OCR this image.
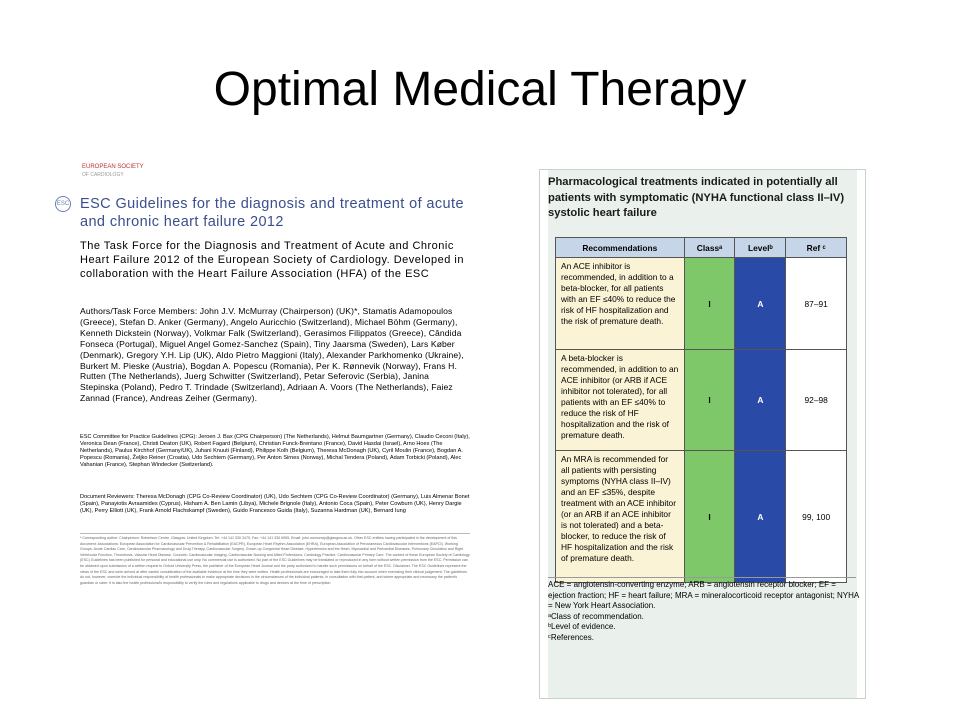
Optimal Medical Therapy
EUROPEAN SOCIETY
OF CARDIOLOGY
ESC ESC Guidelines for the diagnosis and treatment of acute and chronic heart failure 2012
The Task Force for the Diagnosis and Treatment of Acute and Chronic Heart Failure 2012 of the European Society of Cardiology. Developed in collaboration with the Heart Failure Association (HFA) of the ESC
Authors/Task Force Members: John J.V. McMurray (Chairperson) (UK)*, Stamatis Adamopoulos (Greece), Stefan D. Anker (Germany), Angelo Auricchio (Switzerland), Michael Böhm (Germany), Kenneth Dickstein (Norway), Volkmar Falk (Switzerland), Gerasimos Filippatos (Greece), Cândida Fonseca (Portugal), Miguel Angel Gomez-Sanchez (Spain), Tiny Jaarsma (Sweden), Lars Køber (Denmark), Gregory Y.H. Lip (UK), Aldo Pietro Maggioni (Italy), Alexander Parkhomenko (Ukraine), Burkert M. Pieske (Austria), Bogdan A. Popescu (Romania), Per K. Rønnevik (Norway), Frans H. Rutten (The Netherlands), Juerg Schwitter (Switzerland), Petar Seferovic (Serbia), Janina Stepinska (Poland), Pedro T. Trindade (Switzerland), Adriaan A. Voors (The Netherlands), Faiez Zannad (France), Andreas Zeiher (Germany).
ESC Committee for Practice Guidelines (CPG): Jeroen J. Bax (CPG Chairperson) (The Netherlands), Helmut Baumgartner (Germany), Claudio Ceconi (Italy), Veronica Dean (France), Christi Deaton (UK), Robert Fagard (Belgium), Christian Funck-Brentano (France), David Hasdai (Israel), Arno Hoes (The Netherlands), Paulus Kirchhof (Germany/UK), Juhani Knuuti (Finland), Philippe Kolh (Belgium), Theresa McDonagh (UK), Cyril Moulin (France), Bogdan A. Popescu (Romania), Željko Reiner (Croatia), Udo Sechtem (Germany), Per Anton Sirnes (Norway), Michal Tendera (Poland), Adam Torbicki (Poland), Alec Vahanian (France), Stephan Windecker (Switzerland).
Document Reviewers: Theresa McDonagh (CPG Co-Review Coordinator) (UK), Udo Sechtem (CPG Co-Review Coordinator) (Germany), Luis Almenar Bonet (Spain), Panayiotis Avraamides (Cyprus), Hisham A. Ben Lamin (Libya), Michele Brignole (Italy), Antonio Coca (Spain), Peter Cowburn (UK), Henry Dargie (UK), Perry Elliott (UK), Frank Arnold Flachskampf (Sweden), Guido Francesco Guida (Italy), Suzanna Hardman (UK), Bernard Iung
* Corresponding author: Chairperson: Robertson Centre, Glasgow, United Kingdom. Tel: +44 141 330 3479, Fax: +44 141 330 6955, Email: john.mcmurray@glasgow.ac.uk. Other ESC entities having participated in the development of this document: Associations: European Association for Cardiovascular Prevention & Rehabilitation (EACPR), European Heart Rhythm Association (EHRA), European Association of Percutaneous Cardiovascular Interventions (EAPCI). Working Groups: Acute Cardiac Care, Cardiovascular Pharmacology and Drug Therapy, Cardiovascular Surgery, Grown-up Congenital Heart Disease, Hypertension and the Heart, Myocardial and Pericardial Diseases, Pulmonary Circulation and Right Ventricular Function, Thrombosis, Valvular Heart Disease. Councils: Cardiovascular Imaging, Cardiovascular Nursing and Allied Professions, Cardiology Practice, Cardiovascular Primary Care. The content of these European Society of Cardiology (ESC) Guidelines has been published for personal and educational use only. No commercial use is authorized. No part of the ESC Guidelines may be translated or reproduced in any form without written permission from the ESC. Permission can be obtained upon submission of a written request to Oxford University Press, the publisher of the European Heart Journal and the party authorized to handle such permissions on behalf of the ESC. Disclaimer. The ESC Guidelines represent the views of the ESC and were arrived at after careful consideration of the available evidence at the time they were written. Health professionals are encouraged to take them fully into account when exercising their clinical judgement. The guidelines do not, however, override the individual responsibility of health professionals to make appropriate decisions in the circumstances of the individual patients, in consultation with that patient, and where appropriate and necessary the patient's guardian or carer. It is also the health professional's responsibility to verify the rules and regulations applicable to drugs and devices at the time of prescription.
Pharmacological treatments indicated in potentially all patients with symptomatic (NYHA functional class II–IV) systolic heart failure
Recommendations	Classᵃ	Levelᵇ	Ref ᶜ
An ACE inhibitor is recommended, in addition to a beta-blocker, for all patients with an EF ≤40% to reduce the risk of HF hospitalization and the risk of premature death.	I	A	87–91
A beta-blocker is recommended, in addition to an ACE inhibitor (or ARB if ACE inhibitor not tolerated), for all patients with an EF ≤40% to reduce the risk of HF hospitalization and the risk of premature death.	I	A	92–98
An MRA is recommended for all patients with persisting symptoms (NYHA class II–IV) and an EF ≤35%, despite treatment with an ACE inhibitor (or an ARB if an ACE inhibitor is not tolerated) and a beta-blocker, to reduce the risk of HF hospitalization and the risk of premature death.	I	A	99, 100
ACE = angiotensin-converting enzyme; ARB = angiotensin receptor blocker; EF = ejection fraction; HF = heart failure; MRA = mineralocorticoid receptor antagonist; NYHA = New York Heart Association.
ᵃClass of recommendation.
ᵇLevel of evidence.
ᶜReferences.
